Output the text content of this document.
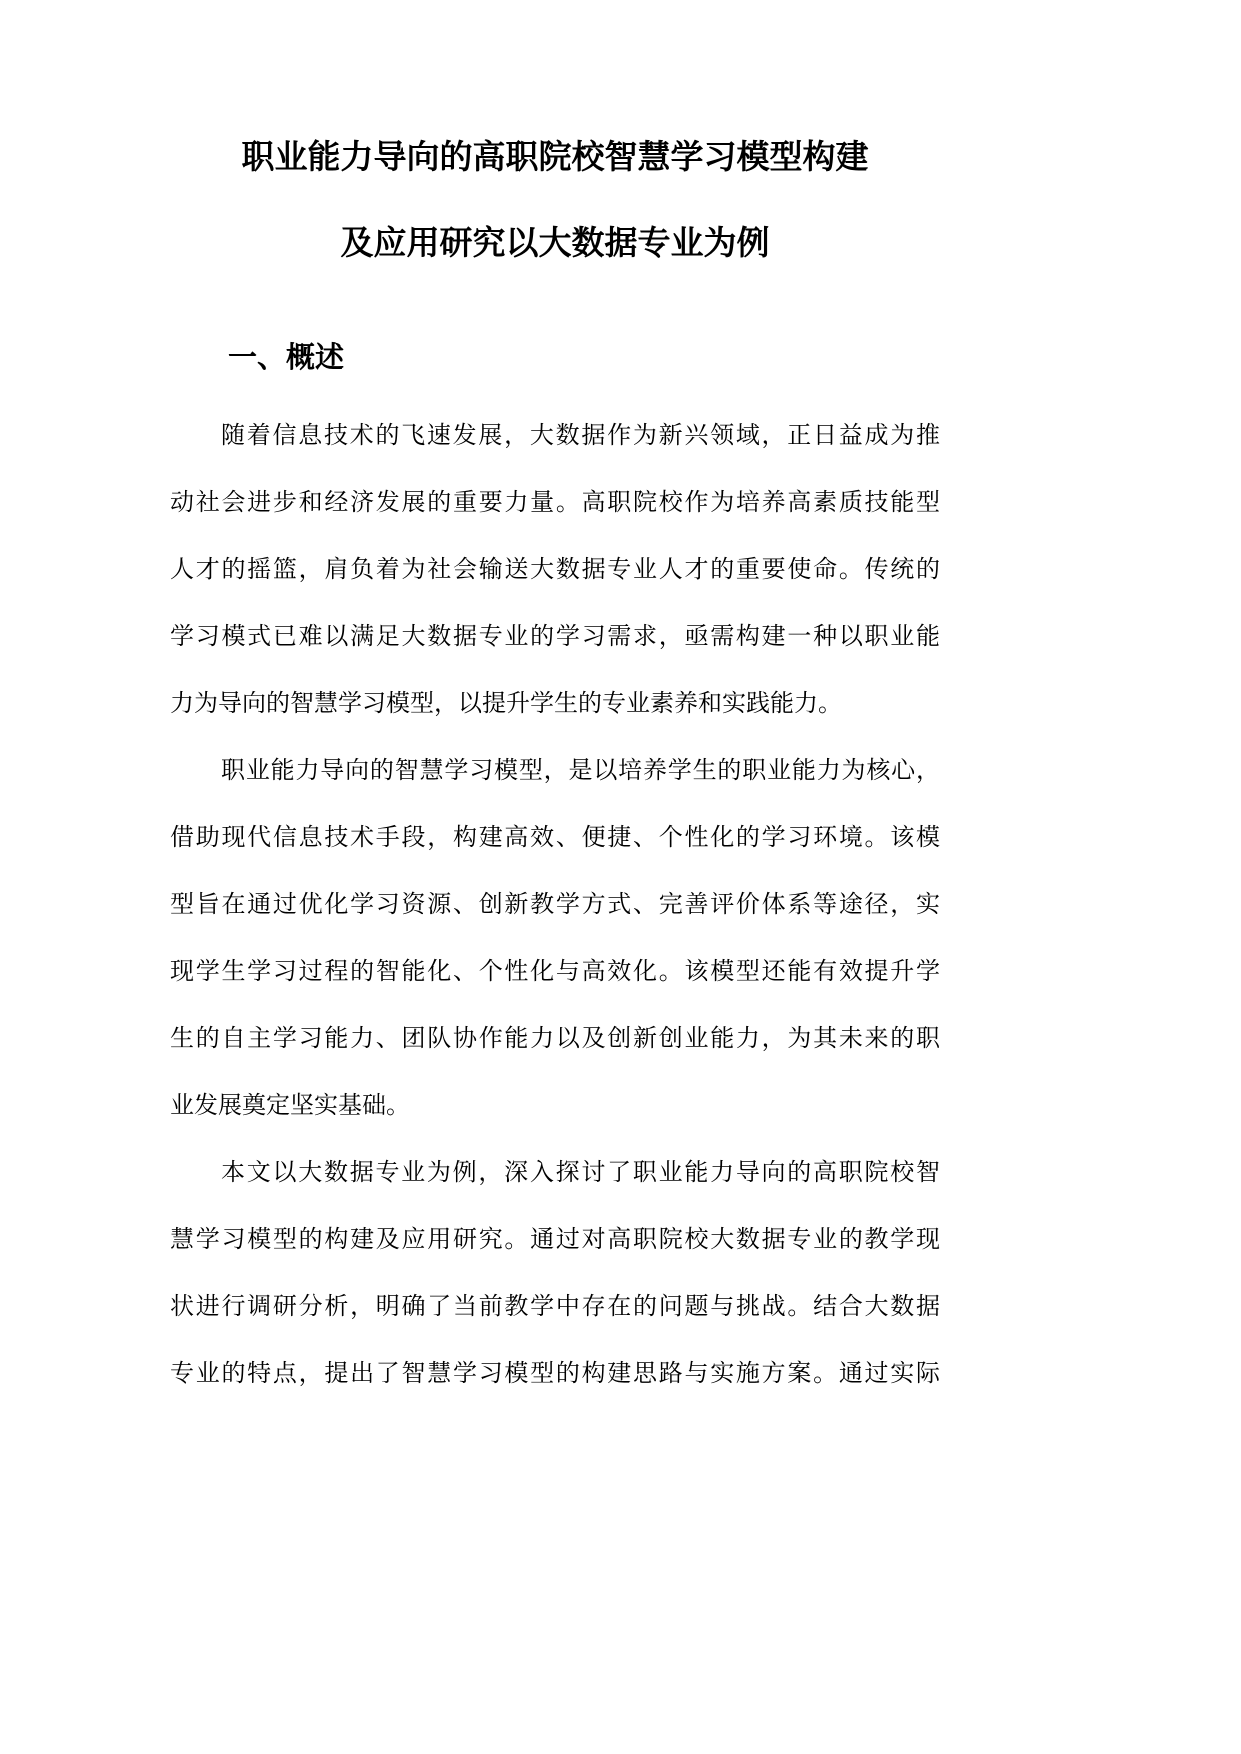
职业能力导向的高职院校智慧学习模型构建
及应用研究以大数据专业为例
一、概述
随着信息技术的飞速发展，大数据作为新兴领域，正日益成为推
动社会进步和经济发展的重要力量。高职院校作为培养高素质技能型
人才的摇篮，肩负着为社会输送大数据专业人才的重要使命。传统的
学习模式已难以满足大数据专业的学习需求，亟需构建一种以职业能
力为导向的智慧学习模型，以提升学生的专业素养和实践能力。
职业能力导向的智慧学习模型，是以培养学生的职业能力为核心，
借助现代信息技术手段，构建高效、便捷、个性化的学习环境。该模
型旨在通过优化学习资源、创新教学方式、完善评价体系等途径，实
现学生学习过程的智能化、个性化与高效化。该模型还能有效提升学
生的自主学习能力、团队协作能力以及创新创业能力，为其未来的职
业发展奠定坚实基础。
本文以大数据专业为例，深入探讨了职业能力导向的高职院校智
慧学习模型的构建及应用研究。通过对高职院校大数据专业的教学现
状进行调研分析，明确了当前教学中存在的问题与挑战。结合大数据
专业的特点，提出了智慧学习模型的构建思路与实施方案。通过实际
